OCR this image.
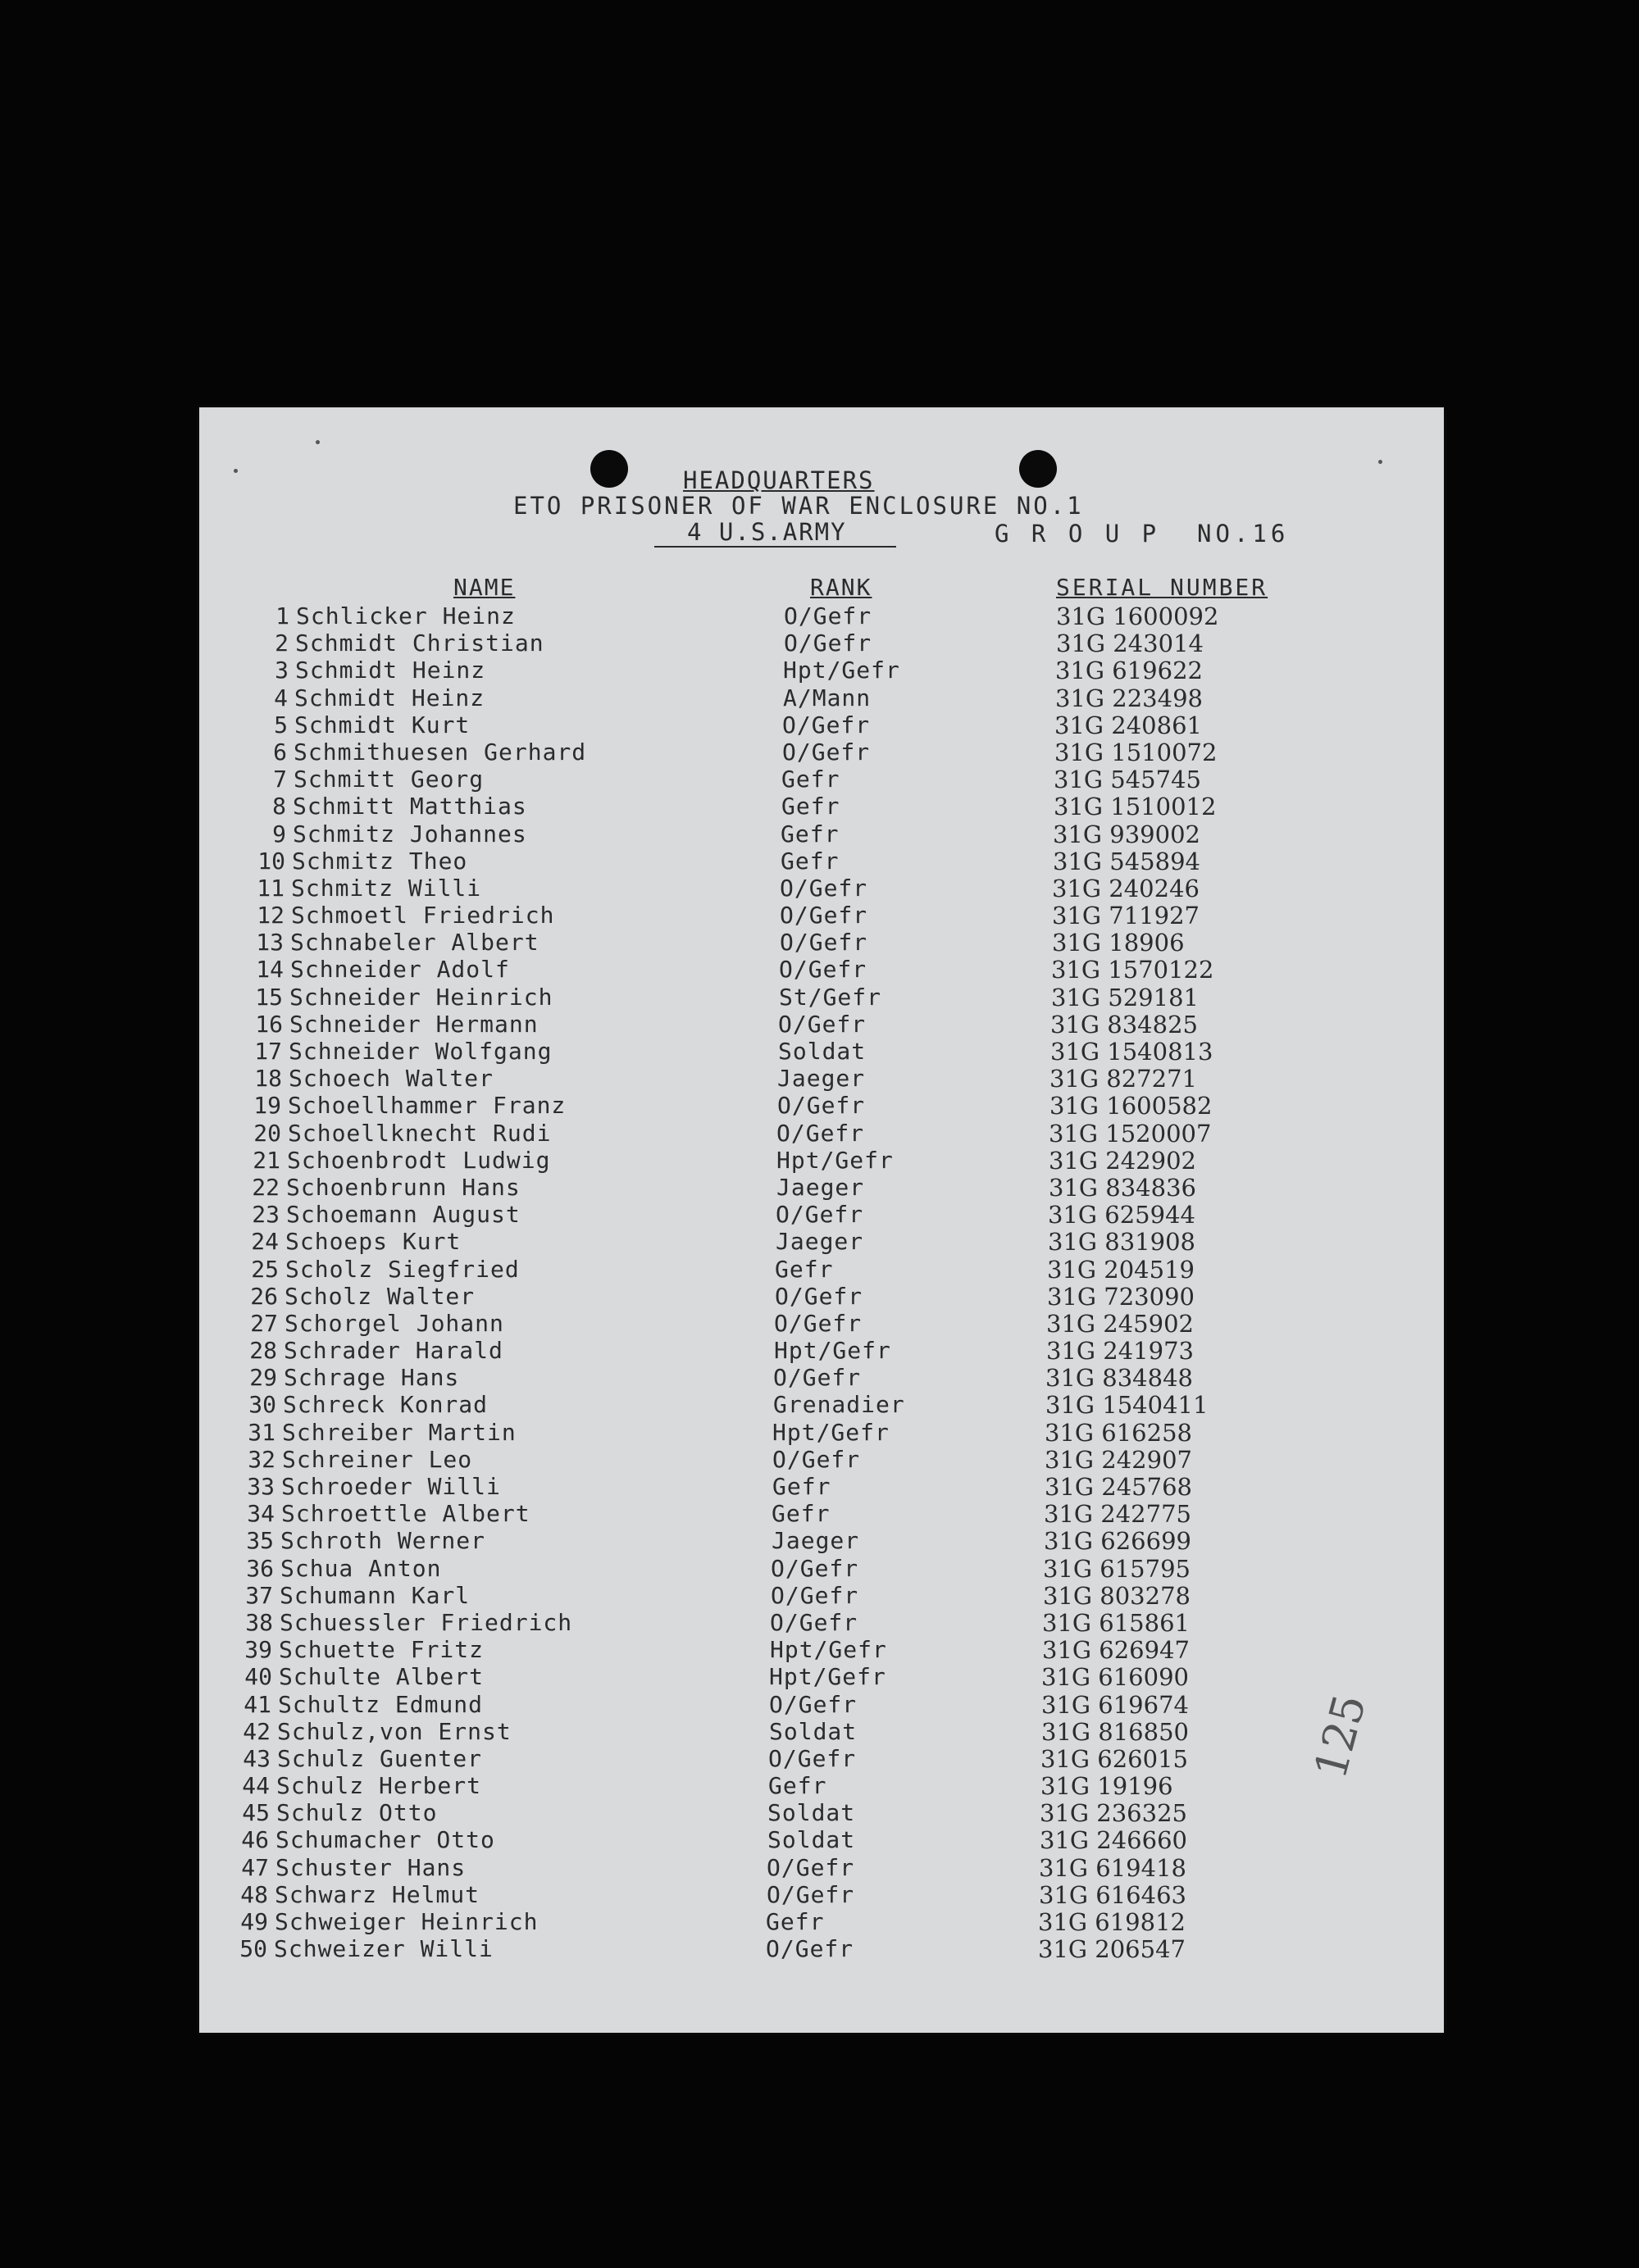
HEADQUARTERS
ETO PRISONER OF WAR ENCLOSURE NO.1
4 U.S.ARMY	G R O U P  NO.16
NAME	RANK	SERIAL NUMBER
1 Schlicker Heinz	O/Gefr	31G 1600092
2 Schmidt Christian	O/Gefr	31G 243014
3 Schmidt Heinz	Hpt/Gefr	31G 619622
4 Schmidt Heinz	A/Mann	31G 223498
5 Schmidt Kurt	O/Gefr	31G 240861
6 Schmithuesen Gerhard	O/Gefr	31G 1510072
7 Schmitt Georg	Gefr	31G 545745
8 Schmitt Matthias	Gefr	31G 1510012
9 Schmitz Johannes	Gefr	31G 939002
10 Schmitz Theo	Gefr	31G 545894
11 Schmitz Willi	O/Gefr	31G 240246
12 Schmoetl Friedrich	O/Gefr	31G 711927
13 Schnabeler Albert	O/Gefr	31G 18906
14 Schneider Adolf	O/Gefr	31G 1570122
15 Schneider Heinrich	St/Gefr	31G 529181
16 Schneider Hermann	O/Gefr	31G 834825
17 Schneider Wolfgang	Soldat	31G 1540813
18 Schoech Walter	Jaeger	31G 827271
19 Schoellhammer Franz	O/Gefr	31G 1600582
20 Schoellknecht Rudi	O/Gefr	31G 1520007
21 Schoenbrodt Ludwig	Hpt/Gefr	31G 242902
22 Schoenbrunn Hans	Jaeger	31G 834836
23 Schoemann August	O/Gefr	31G 625944
24 Schoeps Kurt	Jaeger	31G 831908
25 Scholz Siegfried	Gefr	31G 204519
26 Scholz Walter	O/Gefr	31G 723090
27 Schorgel Johann	O/Gefr	31G 245902
28 Schrader Harald	Hpt/Gefr	31G 241973
29 Schrage Hans	O/Gefr	31G 834848
30 Schreck Konrad	Grenadier	31G 1540411
31 Schreiber Martin	Hpt/Gefr	31G 616258
32 Schreiner Leo	O/Gefr	31G 242907
33 Schroeder Willi	Gefr	31G 245768
34 Schroettle Albert	Gefr	31G 242775
35 Schroth Werner	Jaeger	31G 626699
36 Schua Anton	O/Gefr	31G 615795
37 Schumann Karl	O/Gefr	31G 803278
38 Schuessler Friedrich	O/Gefr	31G 615861
39 Schuette Fritz	Hpt/Gefr	31G 626947
40 Schulte Albert	Hpt/Gefr	31G 616090
41 Schultz Edmund	O/Gefr	31G 619674
42 Schulz,von Ernst	Soldat	31G 816850
43 Schulz Guenter	O/Gefr	31G 626015
44 Schulz Herbert	Gefr	31G 19196
45 Schulz Otto	Soldat	31G 236325
46 Schumacher Otto	Soldat	31G 246660
47 Schuster Hans	O/Gefr	31G 619418
48 Schwarz Helmut	O/Gefr	31G 616463
49 Schweiger Heinrich	Gefr	31G 619812
50 Schweizer Willi	O/Gefr	31G 206547
125
